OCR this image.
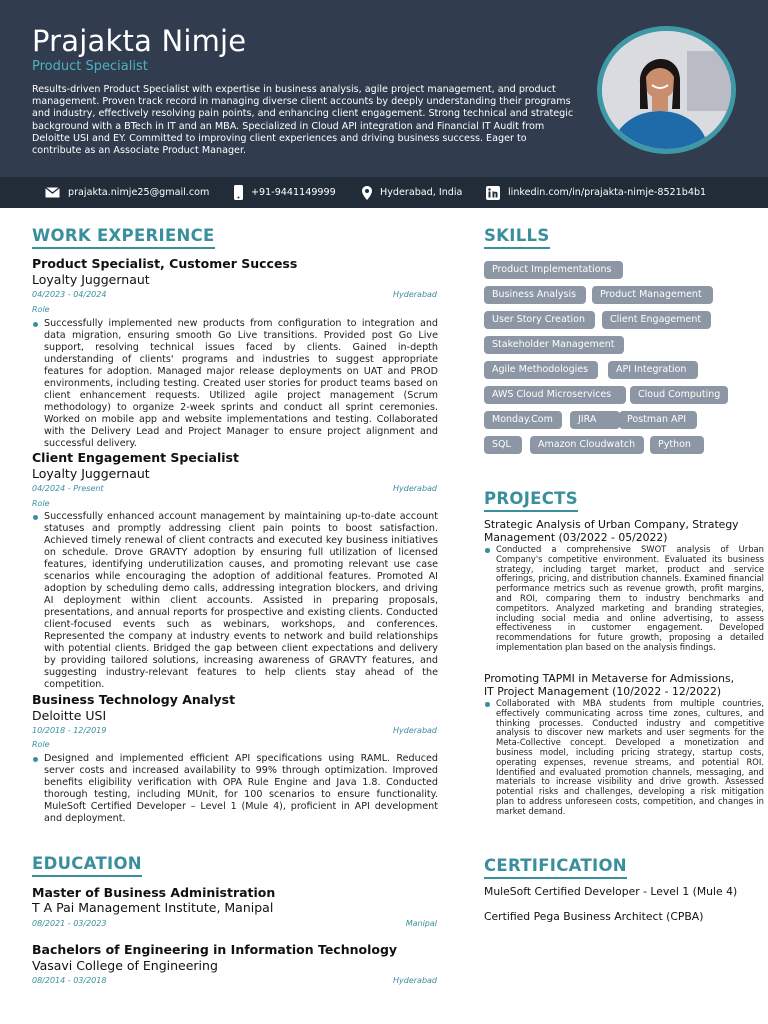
Prajakta Nimje
Product Specialist
Results-driven Product Specialist with expertise in business analysis, agile project management, and product management. Proven track record in managing diverse client accounts by deeply understanding their programs and industry, effectively resolving pain points, and enhancing client engagement. Strong technical and strategic background with a BTech in IT and an MBA. Specialized in Cloud API integration and Financial IT Audit from Deloitte USI and EY. Committed to improving client experiences and driving business success. Eager to contribute as an Associate Product Manager.
prajakta.nimje25@gmail.com	+91-9441149999	Hyderabad, India	linkedin.com/in/prajakta-nimje-8521b4b1
WORK EXPERIENCE
Product Specialist, Customer Success
Loyalty Juggernaut
04/2023 - 04/2024	Hyderabad
Role
Successfully implemented new products from configuration to integration and data migration, ensuring smooth Go Live transitions. Provided post Go Live support, resolving technical issues faced by clients. Gained in-depth understanding of clients' programs and industries to suggest appropriate features for adoption. Managed major release deployments on UAT and PROD environments, including testing. Created user stories for product teams based on client enhancement requests. Utilized agile project management (Scrum methodology) to organize 2-week sprints and conduct all sprint ceremonies. Worked on mobile app and website implementations and testing. Collaborated with the Delivery Lead and Project Manager to ensure project alignment and successful delivery.
Client Engagement Specialist
Loyalty Juggernaut
04/2024 - Present	Hyderabad
Role
Successfully enhanced account management by maintaining up-to-date account statuses and promptly addressing client pain points to boost satisfaction. Achieved timely renewal of client contracts and executed key business initiatives on schedule. Drove GRAVTY adoption by ensuring full utilization of licensed features, identifying underutilization causes, and promoting relevant use case scenarios while encouraging the adoption of additional features. Promoted AI adoption by scheduling demo calls, addressing integration blockers, and driving AI deployment within client accounts. Assisted in preparing proposals, presentations, and annual reports for prospective and existing clients. Conducted client-focused events such as webinars, workshops, and conferences. Represented the company at industry events to network and build relationships with potential clients. Bridged the gap between client expectations and delivery by providing tailored solutions, increasing awareness of GRAVTY features, and suggesting industry-relevant features to help clients stay ahead of the competition.
Business Technology Analyst
Deloitte USI
10/2018 - 12/2019	Hyderabad
Role
Designed and implemented efficient API specifications using RAML. Reduced server costs and increased availability to 99% through optimization. Improved benefits eligibility verification with OPA Rule Engine and Java 1.8. Conducted thorough testing, including MUnit, for 100 scenarios to ensure functionality. MuleSoft Certified Developer – Level 1 (Mule 4), proficient in API development and deployment.
EDUCATION
Master of Business Administration
T A Pai Management Institute, Manipal
08/2021 - 03/2023	Manipal
Bachelors of Engineering in Information Technology
Vasavi College of Engineering
08/2014 - 03/2018	Hyderabad
SKILLS
Product Implementations
Business Analysis	Product Management
User Story Creation	Client Engagement
Stakeholder Management
Agile Methodologies	API Integration
AWS Cloud Microservices	Cloud Computing
Monday.Com	JIRA	Postman API
SQL	Amazon Cloudwatch	Python
PROJECTS
Strategic Analysis of Urban Company, Strategy Management (03/2022 - 05/2022)
Conducted a comprehensive SWOT analysis of Urban Company's competitive environment. Evaluated its business strategy, including target market, product and service offerings, pricing, and distribution channels. Examined financial performance metrics such as revenue growth, profit margins, and ROI, comparing them to industry benchmarks and competitors. Analyzed marketing and branding strategies, including social media and online advertising, to assess effectiveness in customer engagement. Developed recommendations for future growth, proposing a detailed implementation plan based on the analysis findings.
Promoting TAPMI in Metaverse for Admissions, IT Project Management (10/2022 - 12/2022)
Collaborated with MBA students from multiple countries, effectively communicating across time zones, cultures, and thinking processes. Conducted industry and competitive analysis to discover new markets and user segments for the Meta-Collective concept. Developed a monetization and business model, including pricing strategy, startup costs, operating expenses, revenue streams, and potential ROI. Identified and evaluated promotion channels, messaging, and materials to increase visibility and drive growth. Assessed potential risks and challenges, developing a risk mitigation plan to address unforeseen costs, competition, and changes in market demand.
CERTIFICATION
MuleSoft Certified Developer - Level 1 (Mule 4)
Certified Pega Business Architect (CPBA)
